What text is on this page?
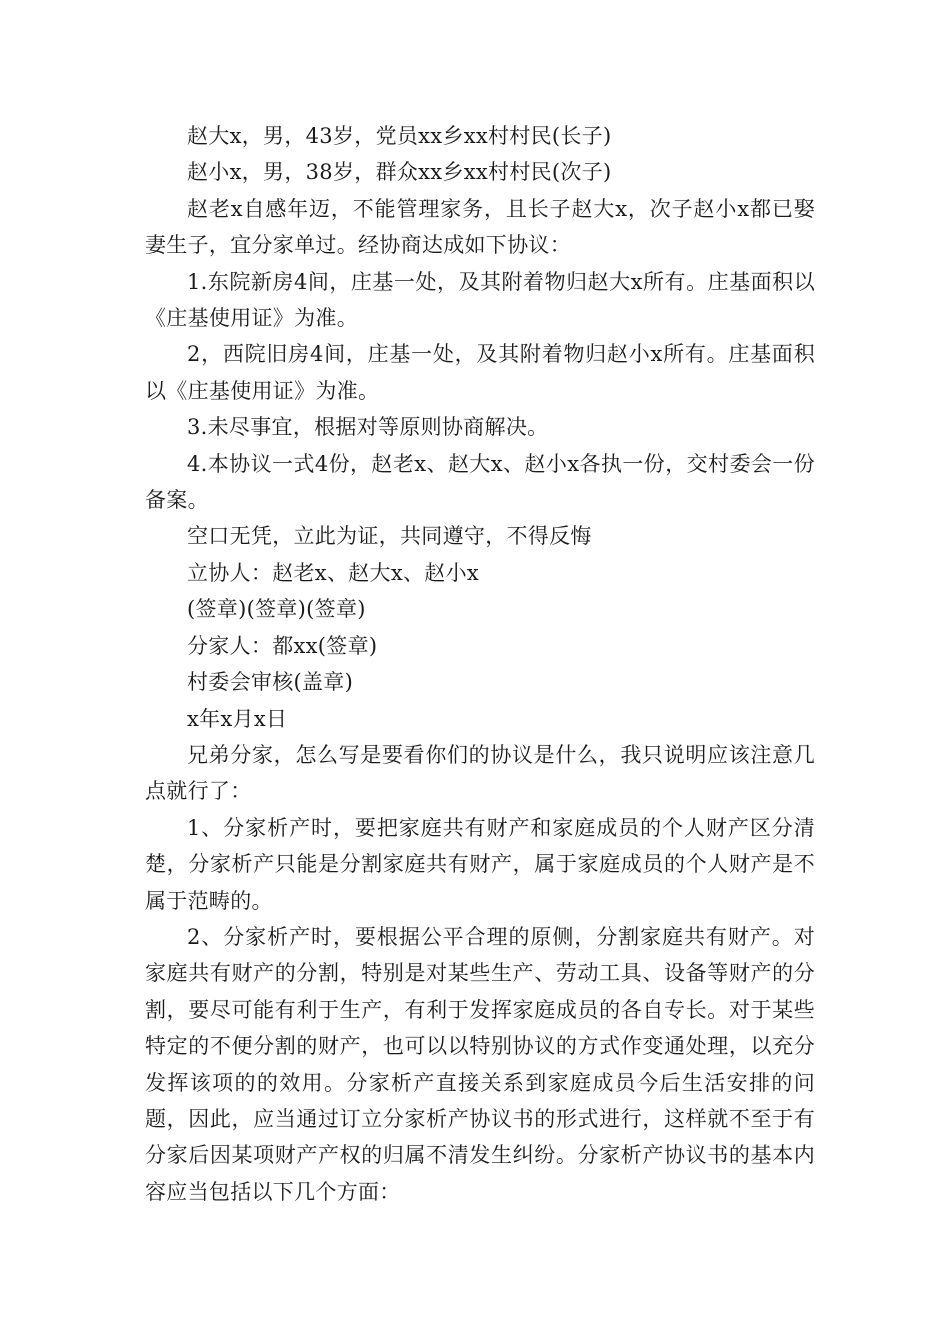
赵大x，男，43岁，党员xx乡xx村村民(长子)

赵小x，男，38岁，群众xx乡xx村村民(次子)

赵老x自感年迈，不能管理家务，且长子赵大x，次子赵小x都已娶妻生子，宜分家单过。经协商达成如下协议：

1.东院新房4间，庄基一处，及其附着物归赵大x所有。庄基面积以《庄基使用证》为准。

2，西院旧房4间，庄基一处，及其附着物归赵小x所有。庄基面积以《庄基使用证》为准。

3.未尽事宜，根据对等原则协商解决。

4.本协议一式4份，赵老x、赵大x、赵小x各执一份，交村委会一份备案。

空口无凭，立此为证，共同遵守，不得反悔

立协人：赵老x、赵大x、赵小x

(签章)(签章)(签章)

分家人：都xx(签章)

村委会审核(盖章)

x年x月x日

兄弟分家，怎么写是要看你们的协议是什么，我只说明应该注意几点就行了：

1、分家析产时，要把家庭共有财产和家庭成员的个人财产区分清楚，分家析产只能是分割家庭共有财产，属于家庭成员的个人财产是不属于范畴的。

2、分家析产时，要根据公平合理的原侧，分割家庭共有财产。对家庭共有财产的分割，特别是对某些生产、劳动工具、设备等财产的分割，要尽可能有利于生产，有利于发挥家庭成员的各自专长。对于某些特定的不便分割的财产，也可以以特别协议的方式作变通处理，以充分发挥该项的的效用。分家析产直接关系到家庭成员今后生活安排的问题，因此，应当通过订立分家析产协议书的形式进行，这样就不至于有分家后因某项财产产权的归属不清发生纠纷。分家析产协议书的基本内容应当包括以下几个方面：
